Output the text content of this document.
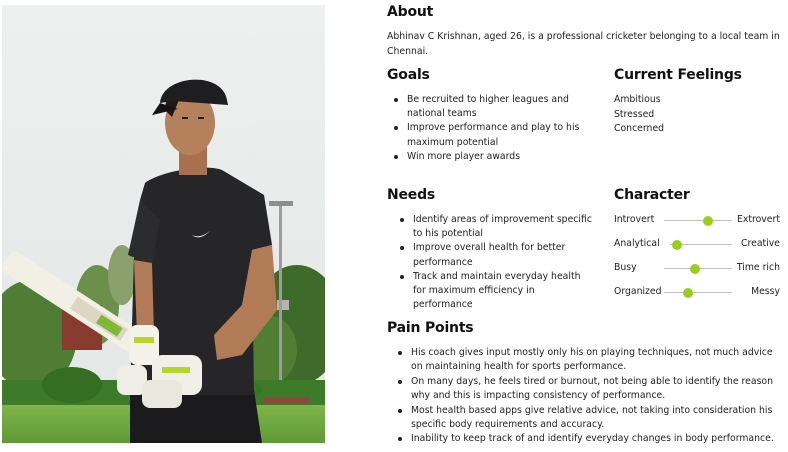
About
Abhinav C Krishnan, aged 26, is a professional cricketer belonging to a local team in Chennai.
Goals
Be recruited to higher leagues and national teams
Improve performance and play to his maximum potential
Win more player awards
Current Feelings
Ambitious
Stressed
Concerned
Needs
Identify areas of improvement specific to his potential
Improve overall health for better performance
Track and maintain everyday health for maximum efficiency in performance
Character
Introvert	Extrovert
Analytical	Creative
Busy	Time rich
Organized	Messy
Pain Points
His coach gives input mostly only his on playing techniques, not much advice on maintaining health for sports performance.
On many days, he feels tired or burnout, not being able to identify the reason why and this is impacting consistency of performance.
Most health based apps give relative advice, not taking into consideration his specific body requirements and accuracy.
Inability to keep track of and identify everyday changes in body performance.
